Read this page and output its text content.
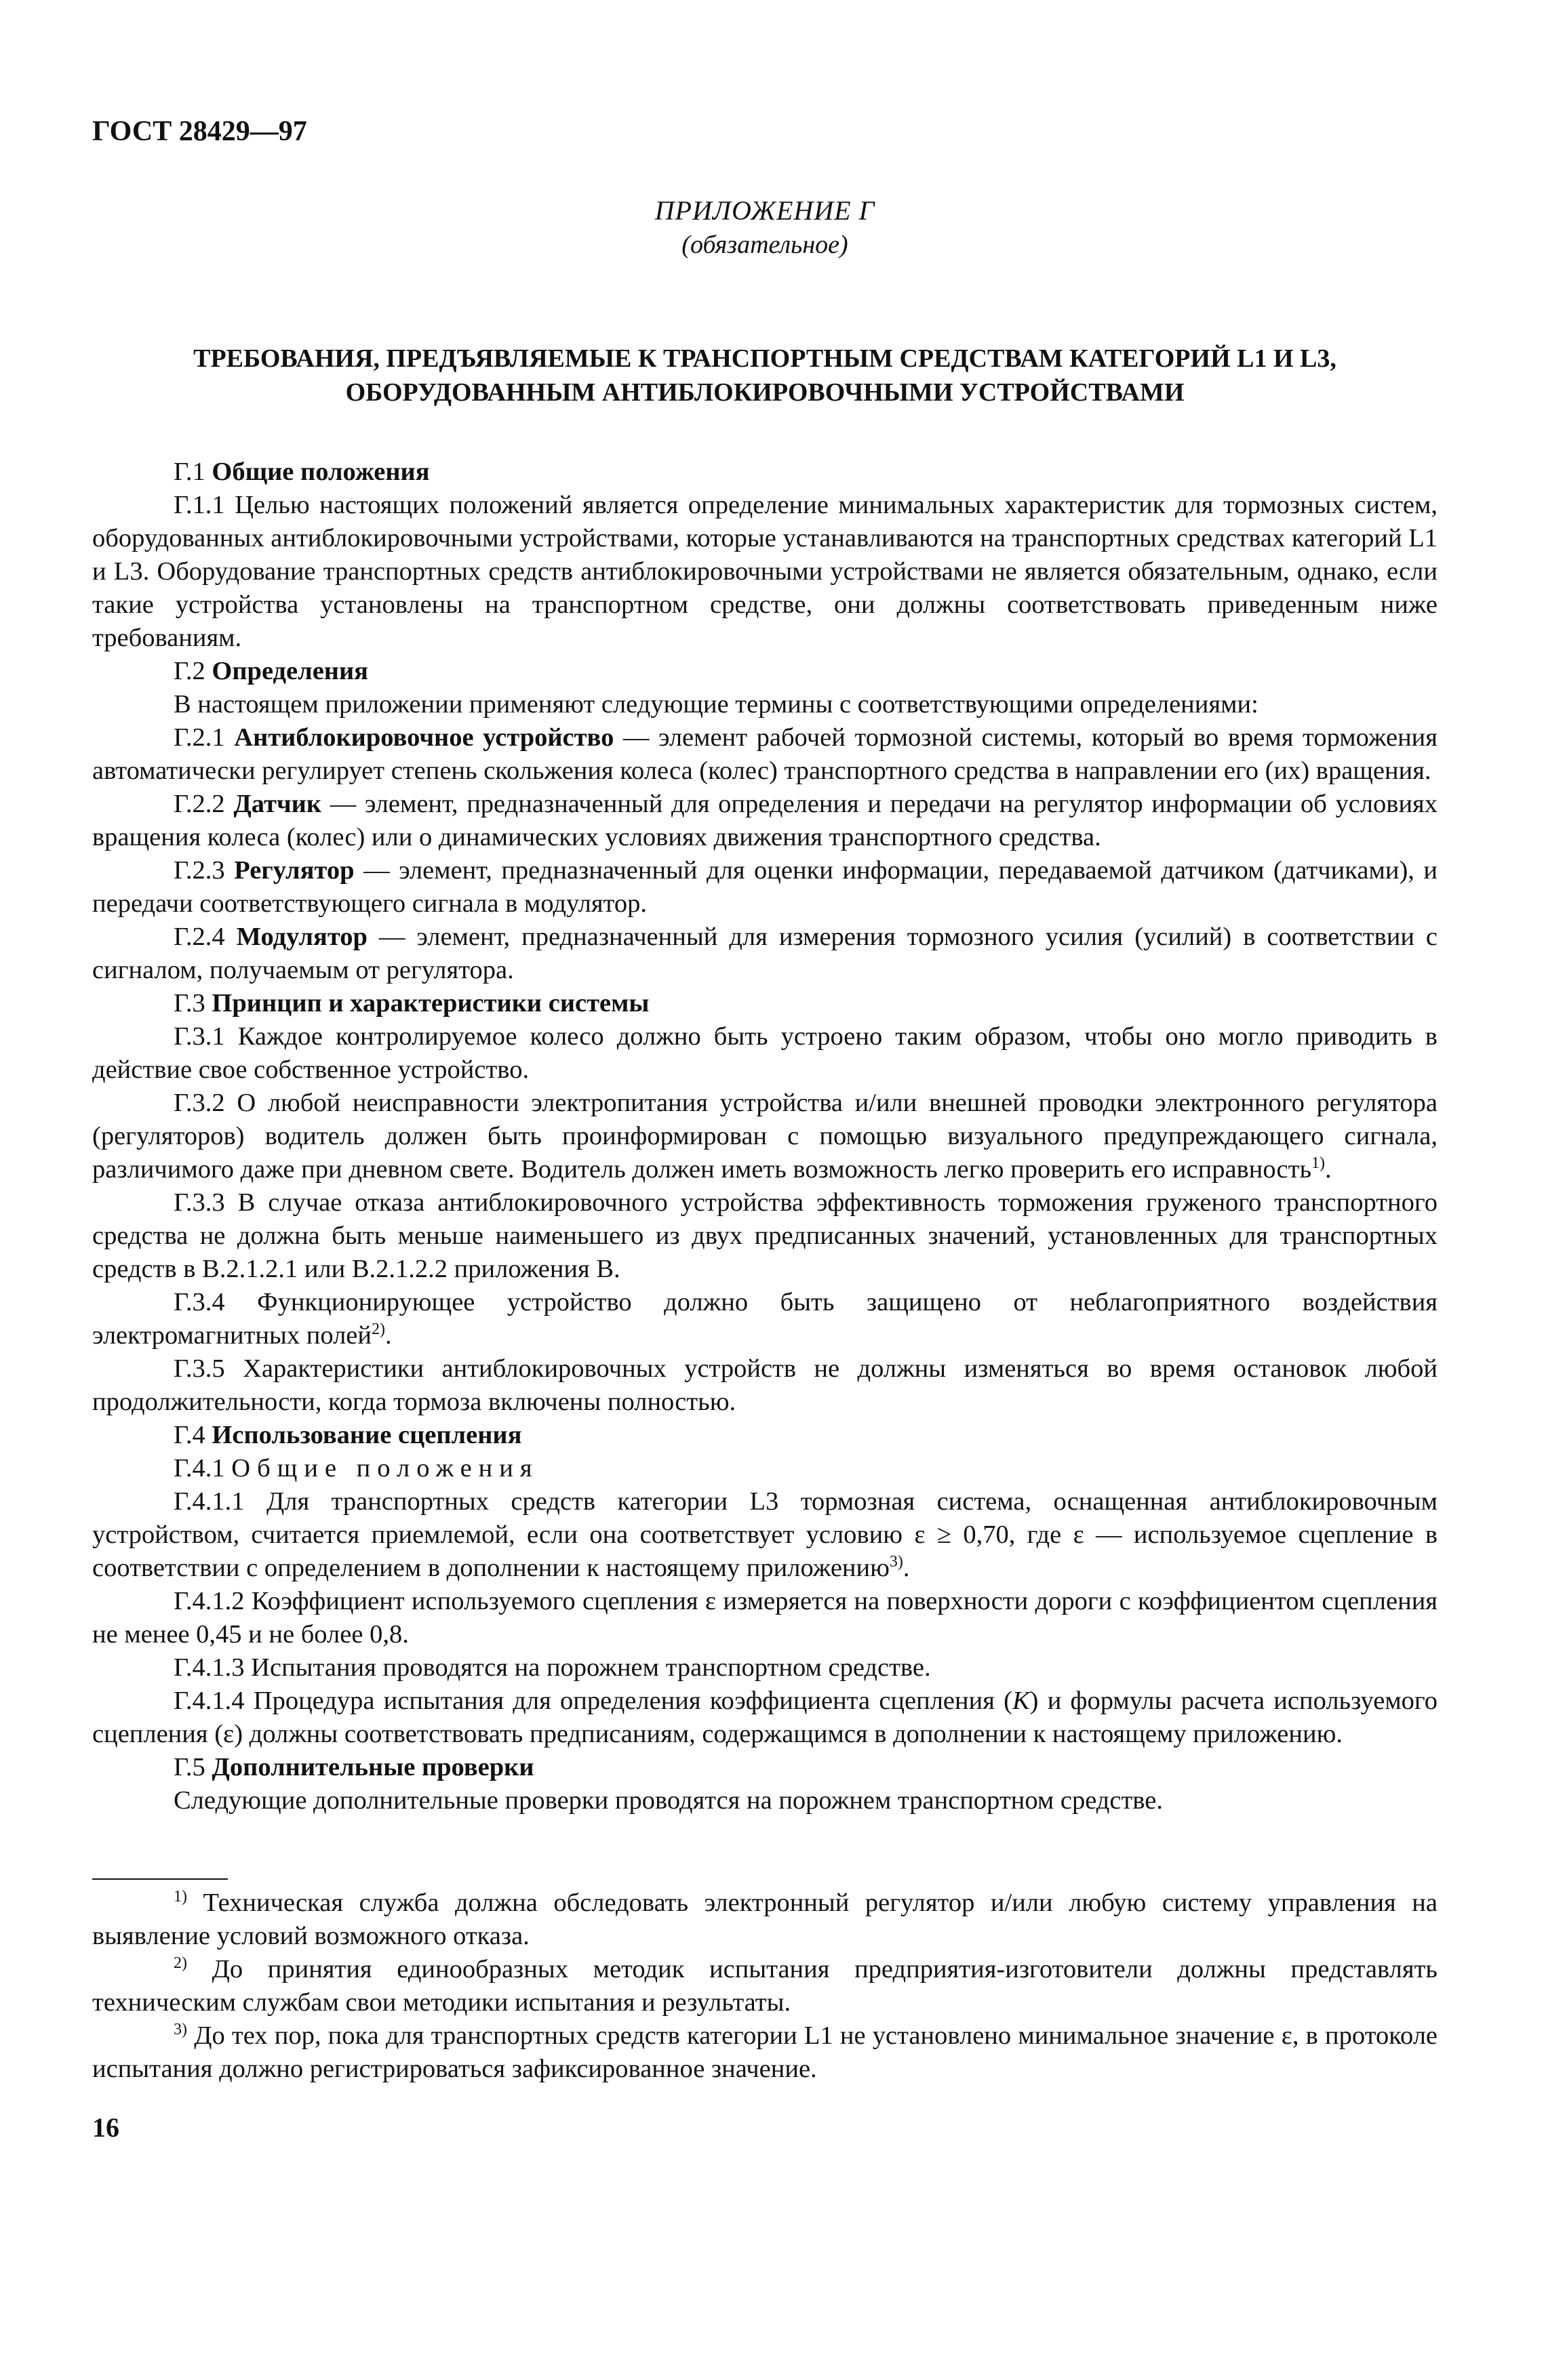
ГОСТ 28429—97
ПРИЛОЖЕНИЕ Г
(обязательное)
ТРЕБОВАНИЯ, ПРЕДЪЯВЛЯЕМЫЕ К ТРАНСПОРТНЫМ СРЕДСТВАМ КАТЕГОРИЙ L1 И L3,
ОБОРУДОВАННЫМ АНТИБЛОКИРОВОЧНЫМИ УСТРОЙСТВАМИ

Г.1 Общие положения

Г.1.1 Целью настоящих положений является определение минимальных характеристик для тормозных систем, оборудованных антиблокировочными устройствами, которые устанавливаются на транспортных средствах категорий L1 и L3. Оборудование транспортных средств антиблокировочными устройствами не является обязательным, однако, если такие устройства установлены на транспортном средстве, они должны соответствовать приведенным ниже требованиям.

Г.2 Определения

В настоящем приложении применяют следующие термины с соответствующими определениями:

Г.2.1 Антиблокировочное устройство — элемент рабочей тормозной системы, который во время торможения автоматически регулирует степень скольжения колеса (колес) транспортного средства в направлении его (их) вращения.

Г.2.2 Датчик — элемент, предназначенный для определения и передачи на регулятор информации об условиях вращения колеса (колес) или о динамических условиях движения транспортного средства.

Г.2.3 Регулятор — элемент, предназначенный для оценки информации, передаваемой датчиком (датчиками), и передачи соответствующего сигнала в модулятор.

Г.2.4 Модулятор — элемент, предназначенный для измерения тормозного усилия (усилий) в соответствии с сигналом, получаемым от регулятора.

Г.3 Принцип и характеристики системы

Г.3.1 Каждое контролируемое колесо должно быть устроено таким образом, чтобы оно могло приводить в действие свое собственное устройство.

Г.3.2 О любой неисправности электропитания устройства и/или внешней проводки электронного регулятора (регуляторов) водитель должен быть проинформирован с помощью визуального предупреждающего сигнала, различимого даже при дневном свете. Водитель должен иметь возможность легко проверить его исправность$^{1)}$.

Г.3.3 В случае отказа антиблокировочного устройства эффективность торможения груженого транспортного средства не должна быть меньше наименьшего из двух предписанных значений, установленных для транспортных средств в В.2.1.2.1 или В.2.1.2.2 приложения В.

Г.3.4 Функционирующее устройство должно быть защищено от неблагоприятного воздействия электромагнитных полей$^{2)}$.

Г.3.5 Характеристики антиблокировочных устройств не должны изменяться во время остановок любой продолжительности, когда тормоза включены полностью.

Г.4 Использование сцепления

Г.4.1 Общие положения

Г.4.1.1 Для транспортных средств категории L3 тормозная система, оснащенная антиблокировочным устройством, считается приемлемой, если она соответствует условию ε ≥ 0,70, где ε — используемое сцепление в соответствии с определением в дополнении к настоящему приложению$^{3)}$.

Г.4.1.2 Коэффициент используемого сцепления ε измеряется на поверхности дороги с коэффициентом сцепления не менее 0,45 и не более 0,8.

Г.4.1.3 Испытания проводятся на порожнем транспортном средстве.

Г.4.1.4 Процедура испытания для определения коэффициента сцепления (K) и формулы расчета используемого сцепления (ε) должны соответствовать предписаниям, содержащимся в дополнении к настоящему приложению.

Г.5 Дополнительные проверки

Следующие дополнительные проверки проводятся на порожнем транспортном средстве.

$^{1)}$ Техническая служба должна обследовать электронный регулятор и/или любую систему управления на выявление условий возможного отказа.

$^{2)}$ До принятия единообразных методик испытания предприятия-изготовители должны представлять техническим службам свои методики испытания и результаты.

$^{3)}$ До тех пор, пока для транспортных средств категории L1 не установлено минимальное значение ε, в протоколе испытания должно регистрироваться зафиксированное значение.

16
